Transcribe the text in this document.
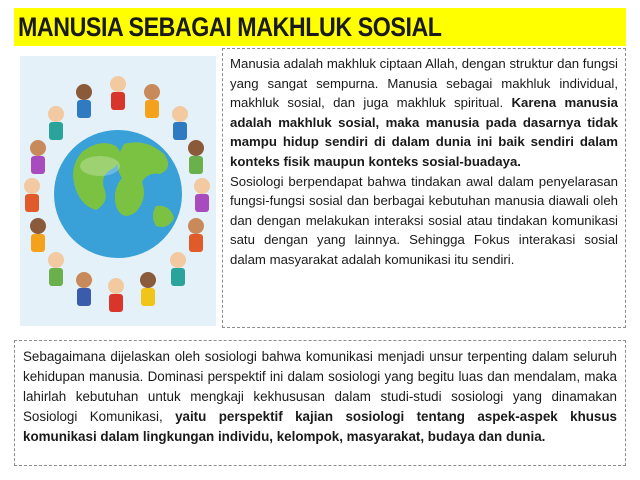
MANUSIA SEBAGAI MAKHLUK SOSIAL

Manusia adalah makhluk ciptaan Allah, dengan struktur dan fungsi yang sangat sempurna. Manusia sebagai makhluk individual, makhluk sosial, dan juga makhluk spiritual. Karena manusia adalah makhluk sosial, maka manusia pada dasarnya tidak mampu hidup sendiri di dalam dunia ini baik sendiri dalam konteks fisik maupun konteks sosial-buadaya.

Sosiologi berpendapat bahwa tindakan awal dalam penyelarasan fungsi-fungsi sosial dan berbagai kebutuhan manusia diawali oleh dan dengan melakukan interaksi sosial atau tindakan komunikasi satu dengan yang lainnya. Sehingga Fokus interakasi sosial dalam masyarakat adalah komunikasi itu sendiri.

Sebagaimana dijelaskan oleh sosiologi bahwa komunikasi menjadi unsur terpenting dalam seluruh kehidupan manusia. Dominasi perspektif ini dalam sosiologi yang begitu luas dan mendalam, maka lahirlah kebutuhan untuk mengkaji kekhususan dalam studi-studi sosiologi yang dinamakan Sosiologi Komunikasi, yaitu perspektif kajian sosiologi tentang aspek-aspek khusus komunikasi dalam lingkungan individu, kelompok, masyarakat, budaya dan dunia.
